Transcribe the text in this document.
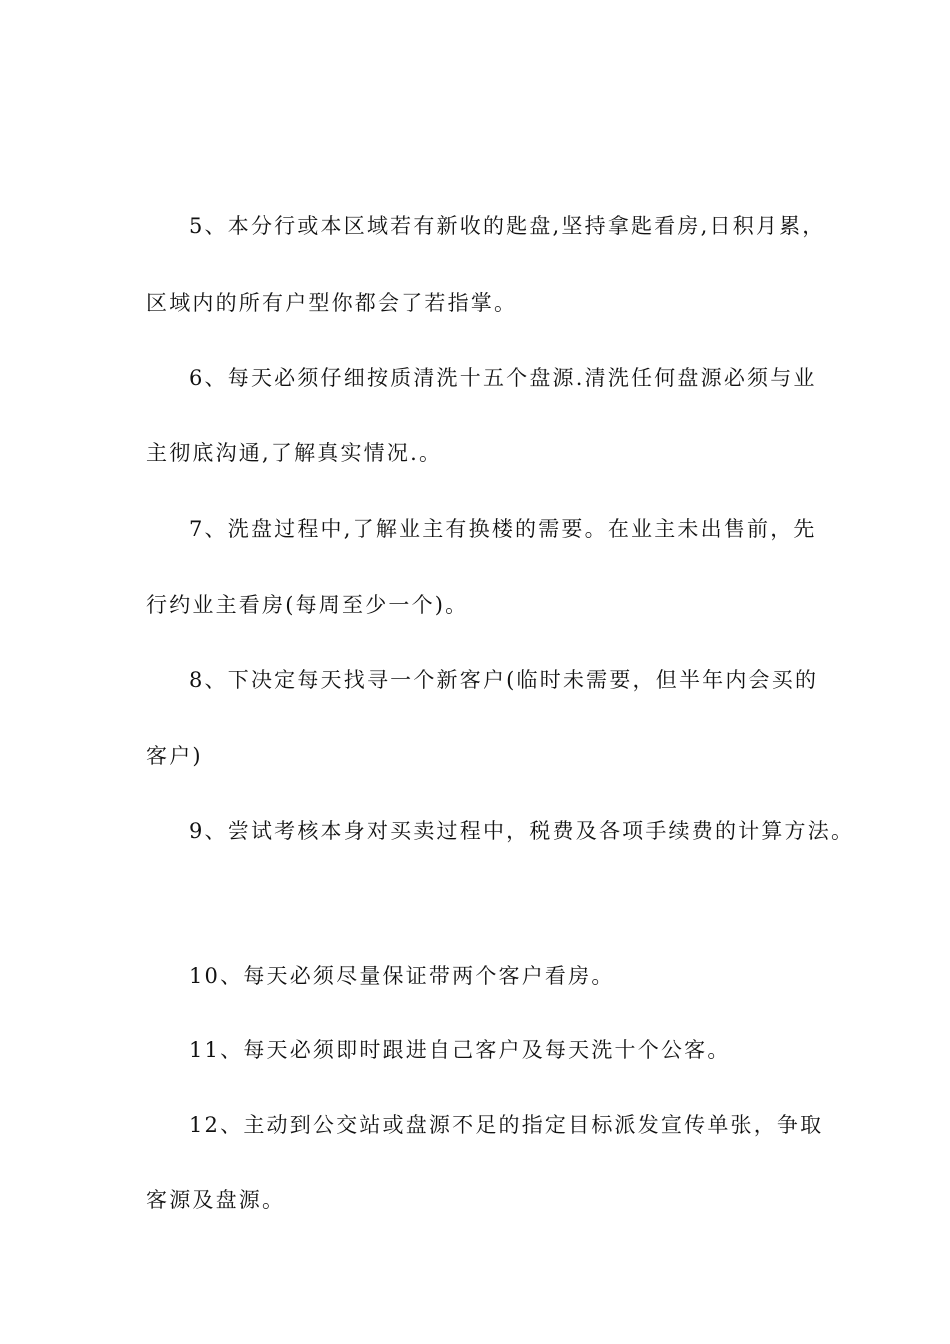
5、本分行或本区域若有新收的匙盘,坚持拿匙看房,日积月累，
区域内的所有户型你都会了若指掌。
6、每天必须仔细按质清洗十五个盘源.清洗任何盘源必须与业
主彻底沟通,了解真实情况.。
7、洗盘过程中,了解业主有换楼的需要。在业主未出售前，先
行约业主看房(每周至少一个)。
8、下决定每天找寻一个新客户(临时未需要，但半年内会买的
客户)
9、尝试考核本身对买卖过程中，税费及各项手续费的计算方法。
10、每天必须尽量保证带两个客户看房。
11、每天必须即时跟进自己客户及每天洗十个公客。
12、主动到公交站或盘源不足的指定目标派发宣传单张，争取
客源及盘源。
